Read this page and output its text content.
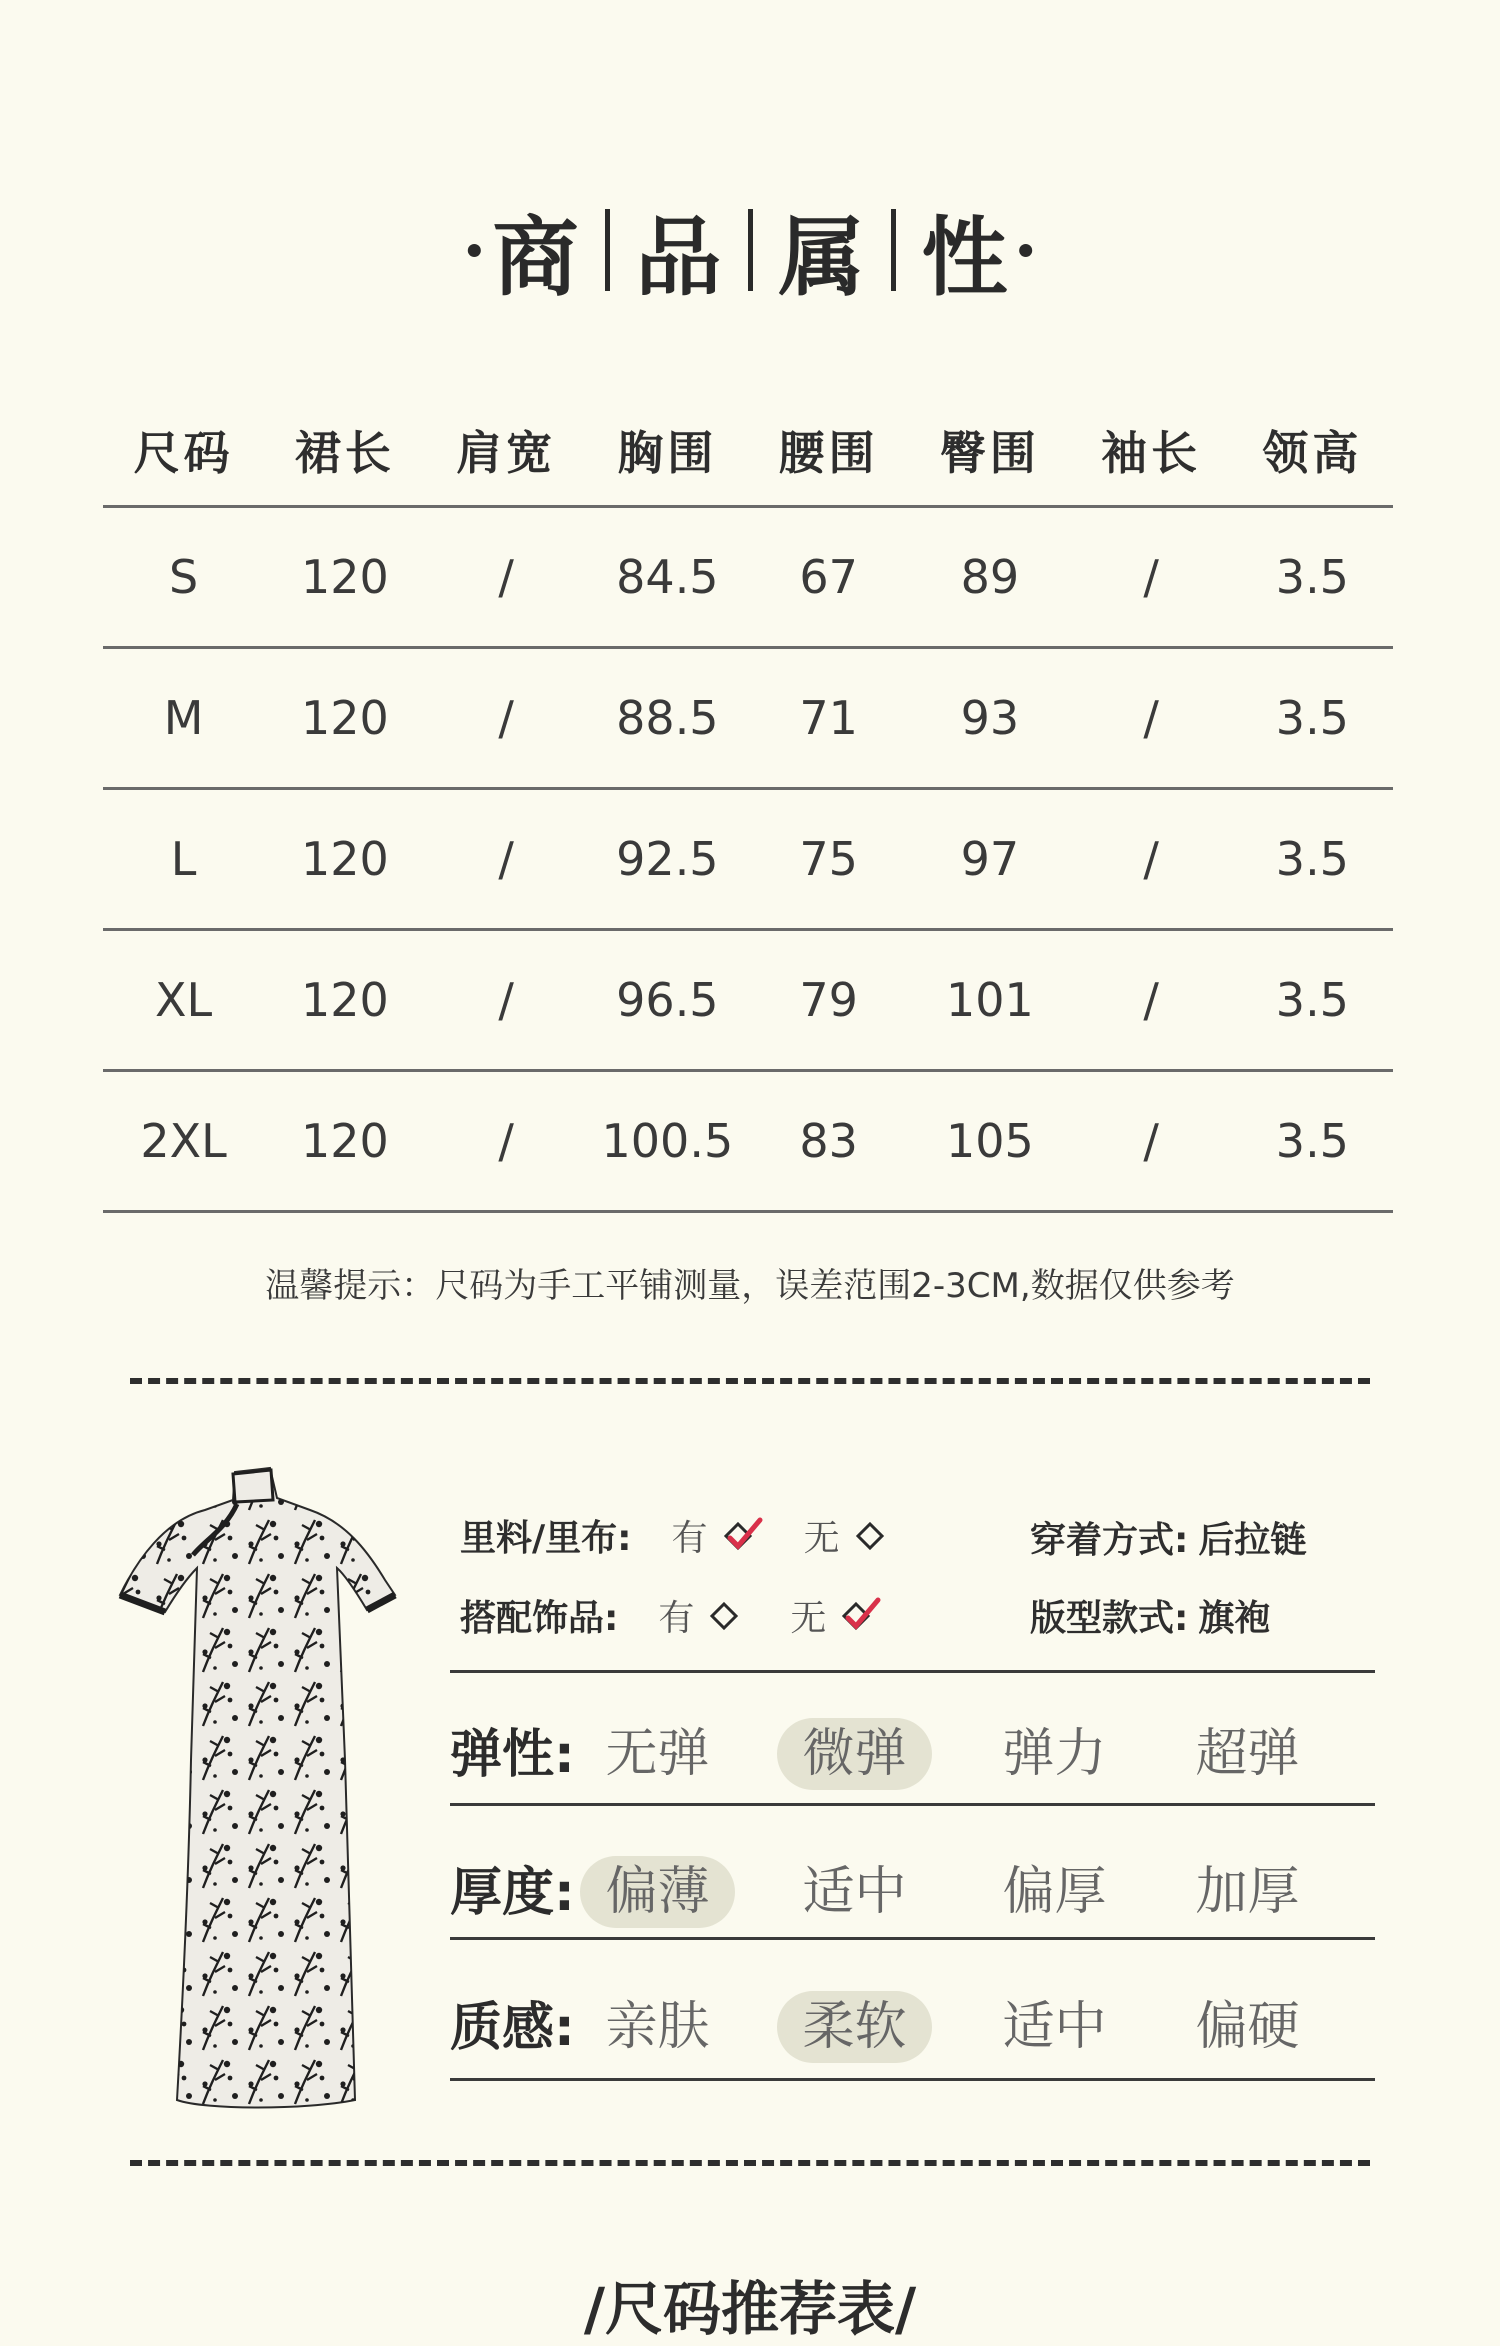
· 商 品 属 性 ·
尺码	裙长	肩宽	胸围	腰围	臀围	袖长	领高
S	120	/	84.5	67	89	/	3.5
M	120	/	88.5	71	93	/	3.5
L	120	/	92.5	75	97	/	3.5
XL	120	/	96.5	79	101	/	3.5
2XL	120	/	100.5	83	105	/	3.5
温馨提示：尺码为手工平铺测量，误差范围2-3CM,数据仅供参考
里料/里布: 有	无
搭配饰品: 有	无
穿着方式: 后拉链
版型款式: 旗袍
弹性: 无弹	微弹	弹力	超弹
厚度: 偏薄	适中	偏厚	加厚
质感: 亲肤	柔软	适中	偏硬
/尺码推荐表/
